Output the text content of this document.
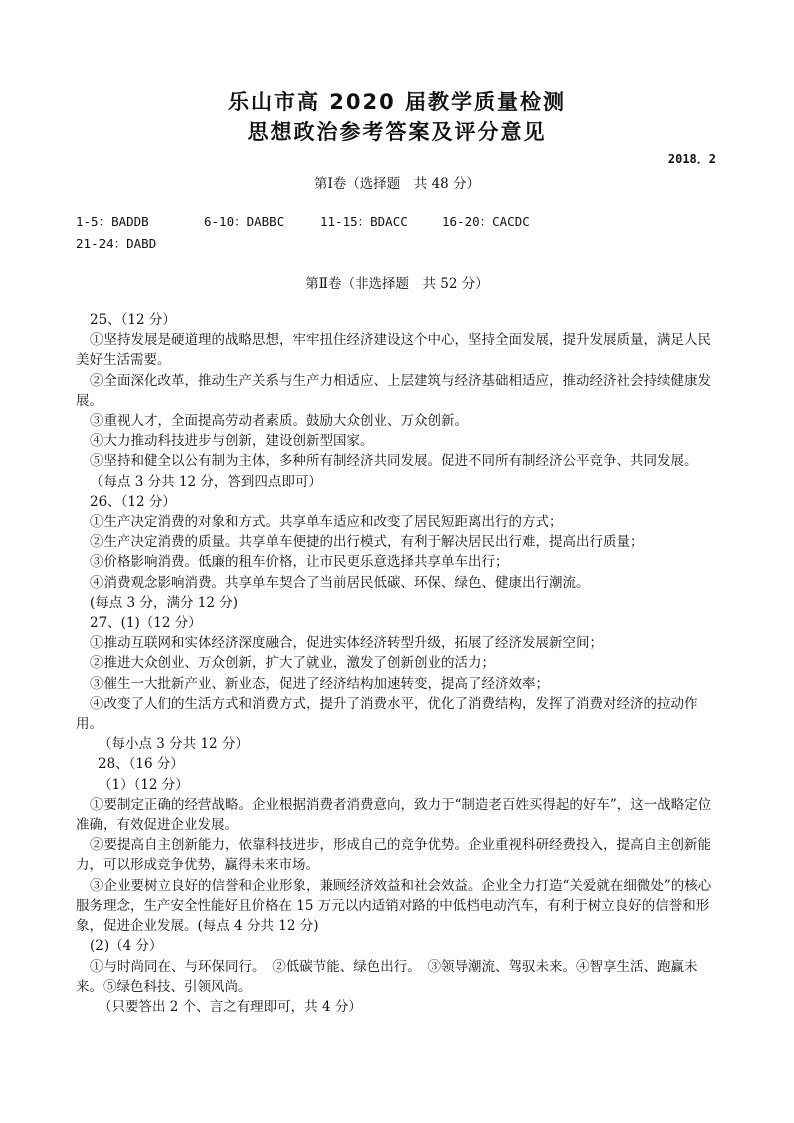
乐山市高 2020 届教学质量检测
思想政治参考答案及评分意见
2018．2
第Ⅰ卷（选择题　共 48 分）
1-5：BADDB	6-10：DABBC	11-15：BDACC	16-20：CACDC
21-24：DABD
第Ⅱ卷（非选择题　共 52 分）

25、（12 分）

①坚持发展是硬道理的战略思想，牢牢扭住经济建设这个中心，坚持全面发展，提升发展质量，满足人民美好生活需要。

②全面深化改革，推动生产关系与生产力相适应、上层建筑与经济基础相适应，推动经济社会持续健康发展。

③重视人才，全面提高劳动者素质。鼓励大众创业、万众创新。

④大力推动科技进步与创新，建设创新型国家。

⑤坚持和健全以公有制为主体，多种所有制经济共同发展。促进不同所有制经济公平竞争、共同发展。

（每点 3 分共 12 分，答到四点即可）

26、（12 分）

①生产决定消费的对象和方式。共享单车适应和改变了居民短距离出行的方式；

②生产决定消费的质量。共享单车便捷的出行模式，有利于解决居民出行难，提高出行质量；

③价格影响消费。低廉的租车价格，让市民更乐意选择共享单车出行；

④消费观念影响消费。共享单车契合了当前居民低碳、环保、绿色、健康出行潮流。

(每点 3 分，满分 12 分)

27、(1)（12 分）

①推动互联网和实体经济深度融合，促进实体经济转型升级，拓展了经济发展新空间；

②推进大众创业、万众创新，扩大了就业，激发了创新创业的活力；

③催生一大批新产业、新业态，促进了经济结构加速转变，提高了经济效率；

④改变了人们的生活方式和消费方式，提升了消费水平，优化了消费结构，发挥了消费对经济的拉动作用。

（每小点 3 分共 12 分）

28、（16 分）

（1）（12 分）

①要制定正确的经营战略。企业根据消费者消费意向，致力于“制造老百姓买得起的好车”，这一战略定位准确，有效促进企业发展。

②要提高自主创新能力，依靠科技进步，形成自己的竞争优势。企业重视科研经费投入，提高自主创新能力，可以形成竞争优势，赢得未来市场。

③企业要树立良好的信誉和企业形象，兼顾经济效益和社会效益。企业全力打造“关爱就在细微处”的核心服务理念，生产安全性能好且价格在 15 万元以内适销对路的中低档电动汽车，有利于树立良好的信誉和形象，促进企业发展。(每点 4 分共 12 分)

(2)（4 分）

①与时尚同在、与环保同行。　②低碳节能、绿色出行。　③领导潮流、驾驭未来。④智享生活、跑赢未来。⑤绿色科技、引领风尚。

（只要答出 2 个、言之有理即可，共 4 分）
